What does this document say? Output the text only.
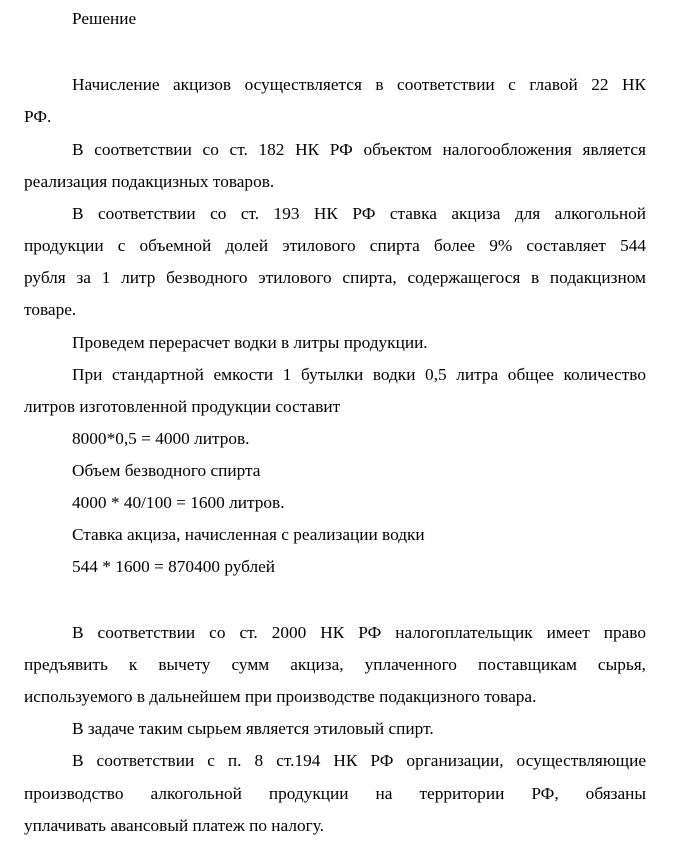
Решение
Начисление акцизов осуществляется в соответствии с главой 22 НК
РФ.
В соответствии со ст. 182 НК РФ объектом налогообложения является
реализация подакцизных товаров.
В соответствии со ст. 193 НК РФ ставка акциза для алкогольной
продукции с объемной долей этилового спирта более 9% составляет 544
рубля за 1 литр безводного этилового спирта, содержащегося в подакцизном
товаре.
Проведем перерасчет водки в литры продукции.
При стандартной емкости 1 бутылки водки 0,5 литра общее количество
литров изготовленной продукции составит
8000*0,5 = 4000 литров.
Объем безводного спирта
4000 * 40/100 = 1600 литров.
Ставка акциза, начисленная с реализации водки
544 * 1600 = 870400 рублей
В соответствии со ст. 2000 НК РФ налогоплательщик имеет право
предъявить к вычету сумм акциза, уплаченного поставщикам сырья,
используемого в дальнейшем при производстве подакцизного товара.
В задаче таким сырьем является этиловый спирт.
В соответствии с п. 8 ст.194 НК РФ организации, осуществляющие
производство алкогольной продукции на территории РФ, обязаны
уплачивать авансовый платеж по налогу.
